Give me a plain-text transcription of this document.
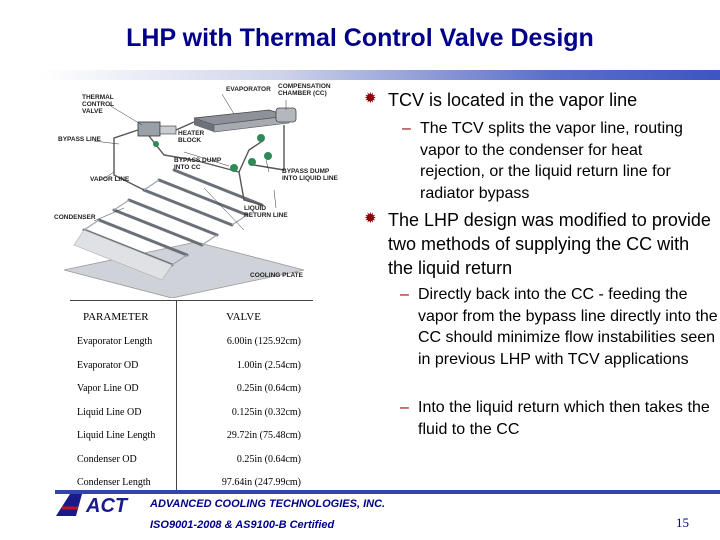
LHP with Thermal Control Valve Design
EVAPORATOR COMPENSATION CHAMBER (CC)
THERMAL CONTROL VALVE
BYPASS LINE
HEATER BLOCK
BYPASS DUMP INTO CC
BYPASS DUMP INTO LIQUID LINE
VAPOR LINE
LIQUID RETURN LINE
CONDENSER
COOLING PLATE
✹ TCV is located in the vapor line
– The TCV splits the vapor line, routing vapor to the condenser for heat rejection, or the liquid return line for radiator bypass
✹ The LHP design was modified to provide two methods of supplying the CC with the liquid return
– Directly back into the CC - feeding the vapor from the bypass line directly into the CC should minimize flow instabilities seen in previous LHP with TCV applications
– Into the liquid return which then takes the fluid to the CC
PARAMETER	VALVE
Evaporator Length	6.00in (125.92cm)
Evaporator OD	1.00in (2.54cm)
Vapor Line OD	0.25in (0.64cm)
Liquid Line OD	0.125in (0.32cm)
Liquid Line Length	29.72in (75.48cm)
Condenser OD	0.25in (0.64cm)
Condenser Length	97.64in (247.99cm)
ACT ADVANCED COOLING TECHNOLOGIES, INC.
ISO9001-2008 & AS9100-B Certified	15
